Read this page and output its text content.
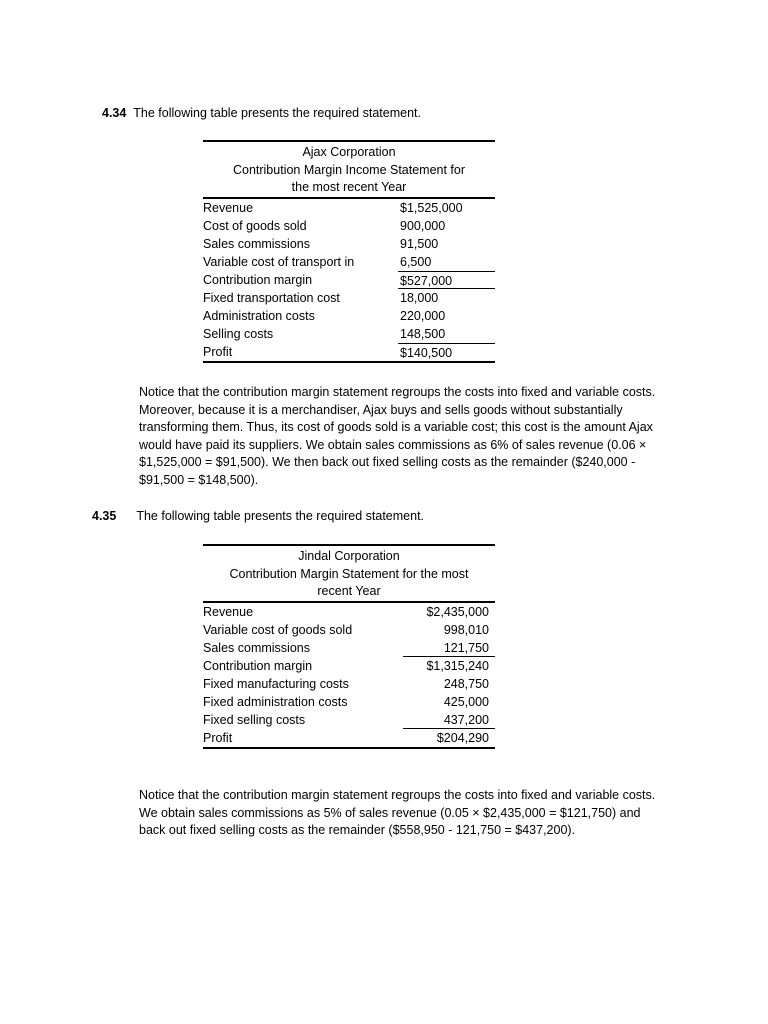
4.34 The following table presents the required statement.
Ajax Corporation
Contribution Margin Income Statement for
the most recent Year
Revenue	$1,525,000
Cost of goods sold	900,000
Sales commissions	91,500
Variable cost of transport in	6,500
Contribution margin	$527,000
Fixed transportation cost	18,000
Administration costs	220,000
Selling costs	148,500
Profit	$140,500
Notice that the contribution margin statement regroups the costs into fixed and variable costs. Moreover, because it is a merchandiser, Ajax buys and sells goods without substantially transforming them. Thus, its cost of goods sold is a variable cost; this cost is the amount Ajax would have paid its suppliers. We obtain sales commissions as 6% of sales revenue (0.06 × $1,525,000 = $91,500). We then back out fixed selling costs as the remainder ($240,000 - $91,500 = $148,500).
4.35 The following table presents the required statement.
Jindal Corporation
Contribution Margin Statement for the most
recent Year
Revenue	$2,435,000
Variable cost of goods sold	998,010
Sales commissions	121,750
Contribution margin	$1,315,240
Fixed manufacturing costs	248,750
Fixed administration costs	425,000
Fixed selling costs	437,200
Profit	$204,290
Notice that the contribution margin statement regroups the costs into fixed and variable costs. We obtain sales commissions as 5% of sales revenue (0.05 × $2,435,000 = $121,750) and back out fixed selling costs as the remainder ($558,950 - 121,750 = $437,200).
